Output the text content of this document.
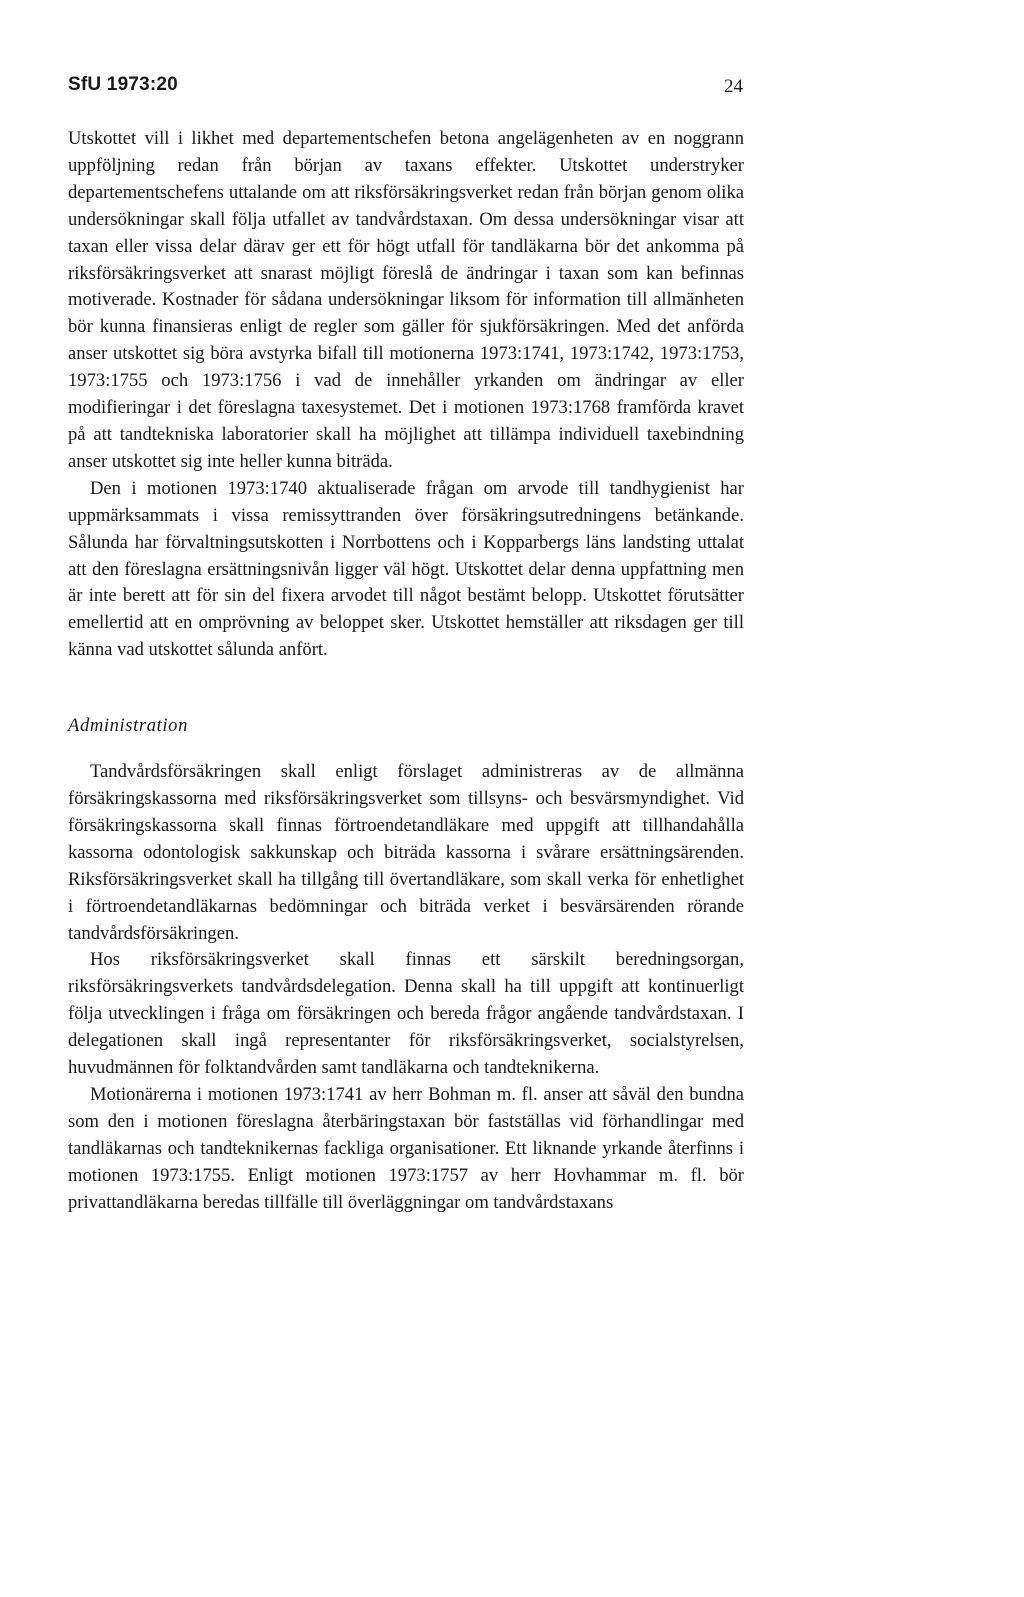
SfU 1973:20	24

Utskottet vill i likhet med departementschefen betona angelägenheten av en noggrann uppföljning redan från början av taxans effekter. Utskottet understryker departementschefens uttalande om att riksförsäkringsverket redan från början genom olika undersökningar skall följa utfallet av tandvårdstaxan. Om dessa undersökningar visar att taxan eller vissa delar därav ger ett för högt utfall för tandläkarna bör det ankomma på riksförsäkringsverket att snarast möjligt föreslå de ändringar i taxan som kan befinnas motiverade. Kostnader för sådana undersökningar liksom för information till allmänheten bör kunna finansieras enligt de regler som gäller för sjukförsäkringen. Med det anförda anser utskottet sig böra avstyrka bifall till motionerna 1973:1741, 1973:1742, 1973:1753, 1973:1755 och 1973:1756 i vad de innehåller yrkanden om ändringar av eller modifieringar i det föreslagna taxesystemet. Det i motionen 1973:1768 framförda kravet på att tandtekniska laboratorier skall ha möjlighet att tillämpa individuell taxebindning anser utskottet sig inte heller kunna biträda.

Den i motionen 1973:1740 aktualiserade frågan om arvode till tandhygienist har uppmärksammats i vissa remissyttranden över försäkringsutredningens betänkande. Sålunda har förvaltningsutskotten i Norrbottens och i Kopparbergs läns landsting uttalat att den föreslagna ersättningsnivån ligger väl högt. Utskottet delar denna uppfattning men är inte berett att för sin del fixera arvodet till något bestämt belopp. Utskottet förutsätter emellertid att en omprövning av beloppet sker. Utskottet hemställer att riksdagen ger till känna vad utskottet sålunda anfört.

Administration

Tandvårdsförsäkringen skall enligt förslaget administreras av de allmänna försäkringskassorna med riksförsäkringsverket som tillsyns- och besvärsmyndighet. Vid försäkringskassorna skall finnas förtroendetandläkare med uppgift att tillhandahålla kassorna odontologisk sakkunskap och biträda kassorna i svårare ersättningsärenden. Riksförsäkringsverket skall ha tillgång till övertandläkare, som skall verka för enhetlighet i förtroendetandläkarnas bedömningar och biträda verket i besvärsärenden rörande tandvårdsförsäkringen.

Hos riksförsäkringsverket skall finnas ett särskilt beredningsorgan, riksförsäkringsverkets tandvårdsdelegation. Denna skall ha till uppgift att kontinuerligt följa utvecklingen i fråga om försäkringen och bereda frågor angående tandvårdstaxan. I delegationen skall ingå representanter för riksförsäkringsverket, socialstyrelsen, huvudmännen för folktandvården samt tandläkarna och tandteknikerna.

Motionärerna i motionen 1973:1741 av herr Bohman m. fl. anser att såväl den bundna som den i motionen föreslagna återbäringstaxan bör fastställas vid förhandlingar med tandläkarnas och tandteknikernas fackliga organisationer. Ett liknande yrkande återfinns i motionen 1973:1755. Enligt motionen 1973:1757 av herr Hovhammar m. fl. bör privattandläkarna beredas tillfälle till överläggningar om tandvårdstaxans
